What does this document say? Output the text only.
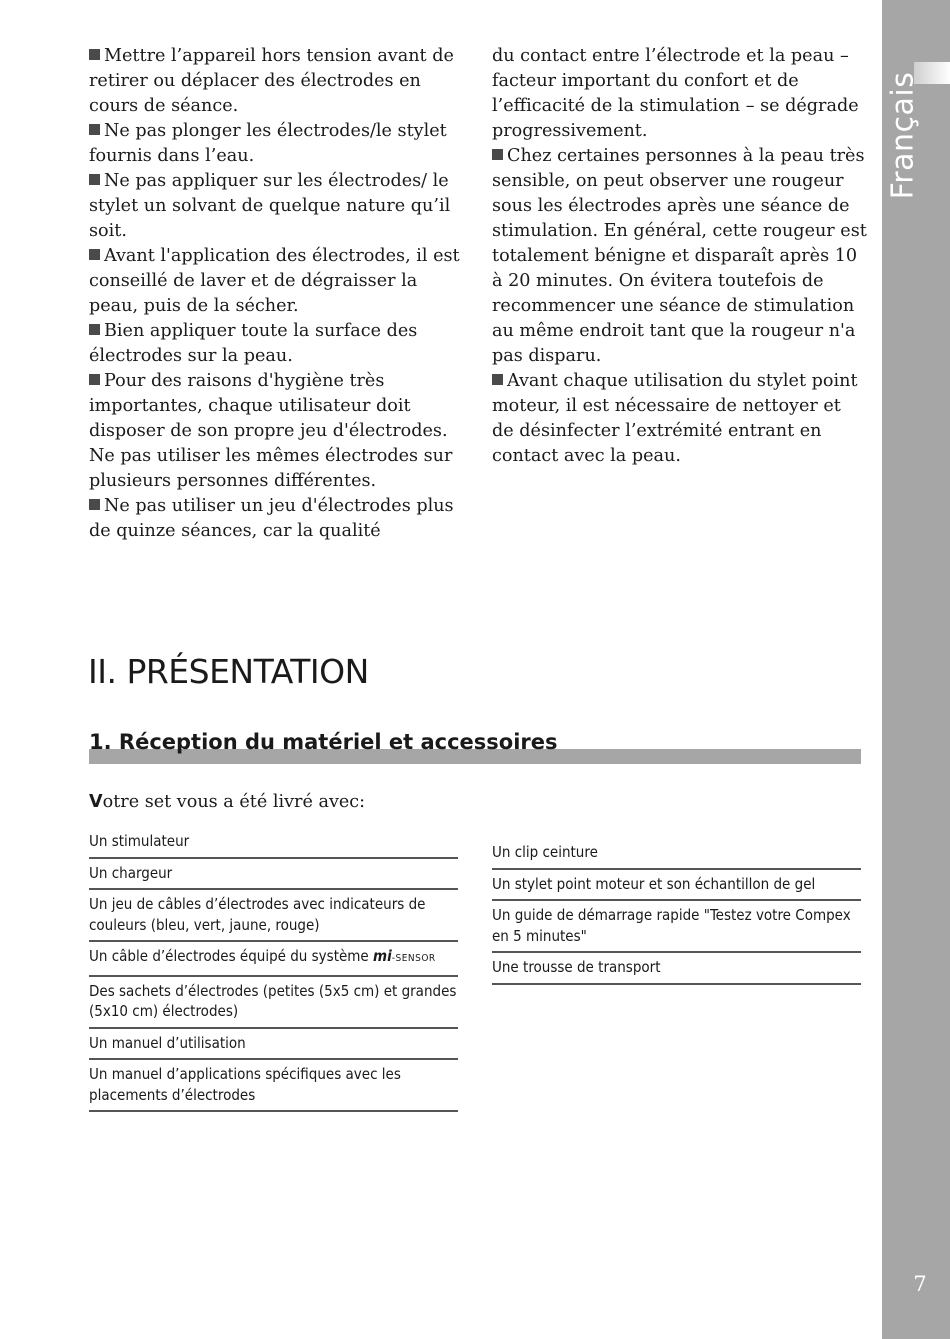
Français
7

Mettre l’appareil hors tension avant de retirer ou déplacer des électrodes en cours de séance.

Ne pas plonger les électrodes/le stylet fournis dans l’eau.

Ne pas appliquer sur les électrodes/ le stylet un solvant de quelque nature qu’il soit.

Avant l'application des électrodes, il est conseillé de laver et de dégraisser la peau, puis de la sécher.

Bien appliquer toute la surface des électrodes sur la peau.

Pour des raisons d'hygiène très importantes, chaque utilisateur doit disposer de son propre jeu d'électrodes. Ne pas utiliser les mêmes électrodes sur plusieurs personnes différentes.

Ne pas utiliser un jeu d'électrodes plus de quinze séances, car la qualité

du contact entre l’électrode et la peau – facteur important du confort et de l’efficacité de la stimulation – se dégrade progressivement.

Chez certaines personnes à la peau très sensible, on peut observer une rougeur sous les électrodes après une séance de stimulation. En général, cette rougeur est totalement bénigne et disparaît après 10 à 20 minutes. On évitera toutefois de recommencer une séance de stimulation au même endroit tant que la rougeur n'a pas disparu.

Avant chaque utilisation du stylet point moteur, il est nécessaire de nettoyer et de désinfecter l’extrémité entrant en contact avec la peau.

II. PRÉSENTATION
1. Réception du matériel et accessoires

Votre set vous a été livré avec:

Un stimulateur
Un chargeur
Un jeu de câbles d’électrodes avec indicateurs de couleurs (bleu, vert, jaune, rouge)
Un câble d’électrodes équipé du système mi-SENSOR
Des sachets d’électrodes (petites (5x5 cm) et grandes (5x10 cm) électrodes)
Un manuel d’utilisation
Un manuel d’applications spécifiques avec les placements d’électrodes
Un clip ceinture
Un stylet point moteur et son échantillon de gel
Un guide de démarrage rapide "Testez votre Compex en 5 minutes"
Une trousse de transport
